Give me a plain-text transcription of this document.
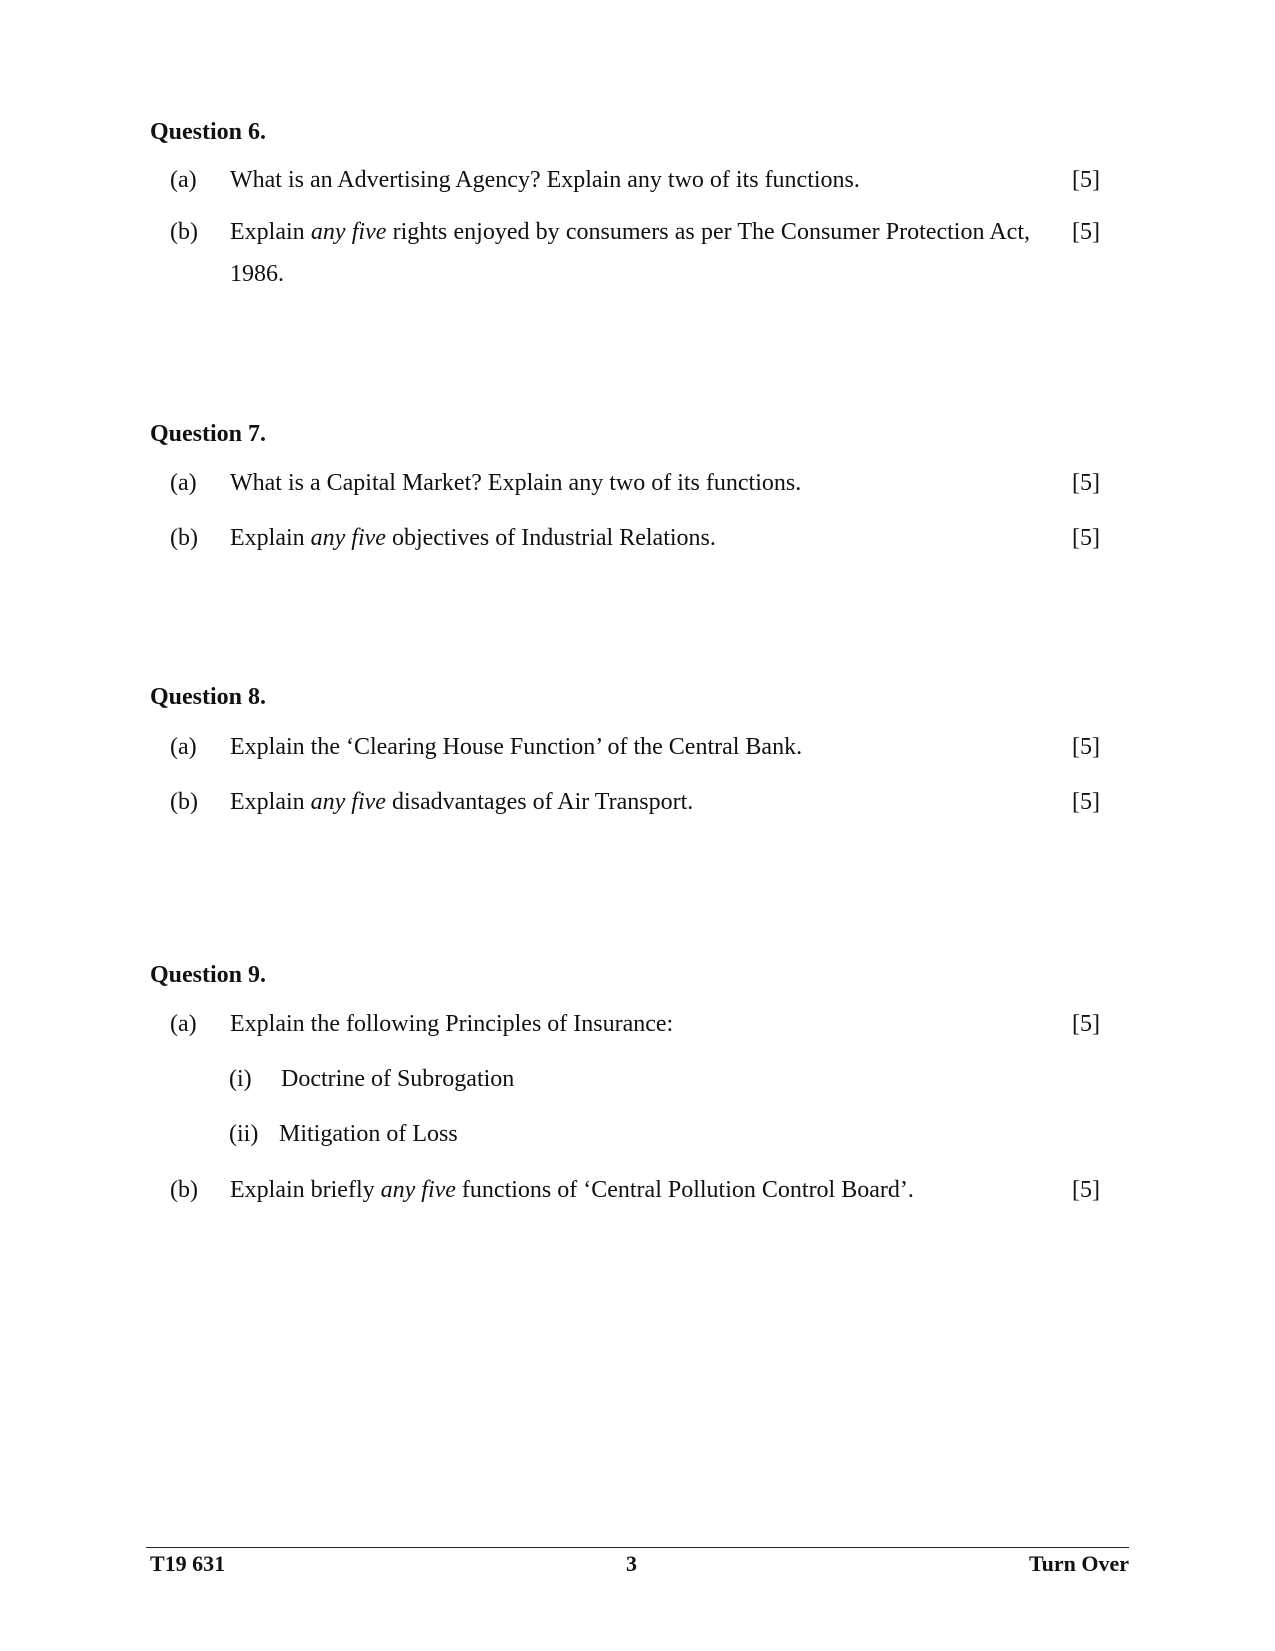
Question 6.
(a) What is an Advertising Agency? Explain any two of its functions.	[5]
(b) Explain any five rights enjoyed by consumers as per The Consumer Protection Act, 1986.
[5]
Question 7.
(a) What is a Capital Market? Explain any two of its functions.	[5]
(b) Explain any five objectives of Industrial Relations.	[5]
Question 8.
(a) Explain the ‘Clearing House Function’ of the Central Bank.	[5]
(b) Explain any five disadvantages of Air Transport.	[5]
Question 9.
(a) Explain the following Principles of Insurance:	[5]
(i) Doctrine of Subrogation
(ii) Mitigation of Loss
(b) Explain briefly any five functions of ‘Central Pollution Control Board’.	[5]
T19 631	3	Turn Over
